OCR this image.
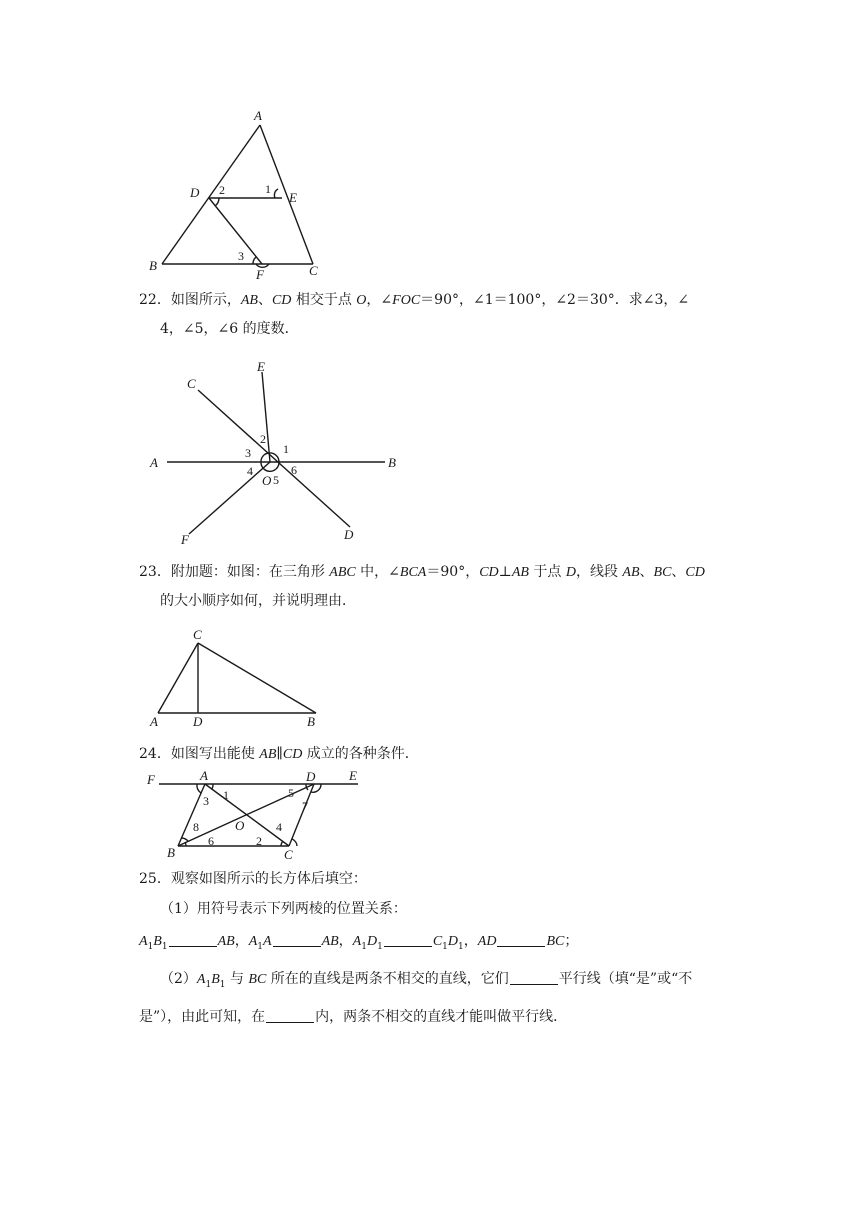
A
D	E
B
F	C
2	1
3

22．如图所示，AB、CD 相交于点 O，∠FOC＝90°，∠1＝100°，∠2＝30°．求∠3，∠

4，∠5，∠6 的度数．

E
C
A	B
F	D
O
1
2
3
4
5
6

23．附加题：如图：在三角形 ABC 中，∠BCA＝90°，CD⊥AB 于点 D，线段 AB、BC、CD

的大小顺序如何，并说明理由．

C
A	D	B

24．如图写出能使 AB∥CD 成立的各种条件．

F	A	D	E
B	C
O
1
3
5
7
8
6	2
4

25．观察如图所示的长方体后填空：

（1）用符号表示下列两棱的位置关系：

$A_1B_1$	AB，$A_1A$	AB，$A_1D_1$	$C_1D_1$，AD	BC；

$(2)A_1B_1$ 与 BC 所在的直线是两条不相交的直线，它们	平行线（填“是”或“不

是”），由此可知，在	内，两条不相交的直线才能叫做平行线．
